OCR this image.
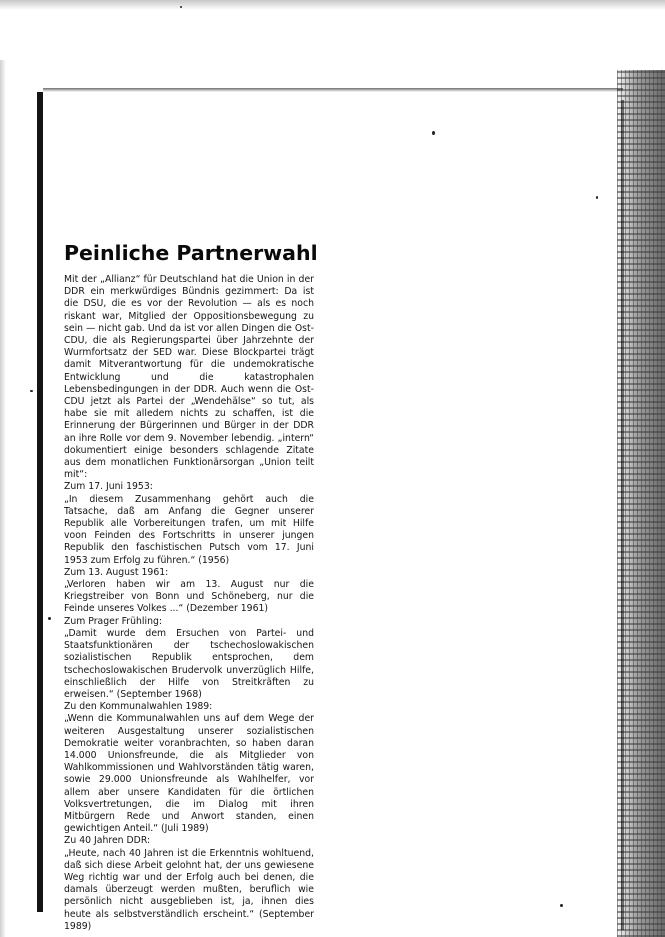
Peinliche Partnerwahl

Mit der „Allianz“ für Deutschland hat die Union in der DDR ein merkwürdiges Bündnis gezimmert: Da ist die DSU, die es vor der Revolution — als es noch riskant war, Mitglied der Oppositionsbewegung zu sein — nicht gab. Und da ist vor allen Dingen die Ost-CDU, die als Regierungspartei über Jahrzehnte der Wurmfortsatz der SED war. Diese Blockpartei trägt damit Mitverantwortung für die undemokratische Entwicklung und die katastrophalen Lebensbedingungen in der DDR. Auch wenn die Ost-CDU jetzt als Partei der „Wendehälse“ so tut, als habe sie mit alledem nichts zu schaffen, ist die Erinnerung der Bürgerinnen und Bürger in der DDR an ihre Rolle vor dem 9. November lebendig. „intern“ dokumentiert einige besonders schlagende Zitate aus dem monatlichen Funktionärsorgan „Union teilt mit“:

Zum 17. Juni 1953:

„In diesem Zusammenhang gehört auch die Tatsache, daß am Anfang die Gegner unserer Republik alle Vorbereitungen trafen, um mit Hilfe voon Feinden des Fortschritts in unserer jungen Republik den faschistischen Putsch vom 17. Juni 1953 zum Erfolg zu führen.“ (1956)

Zum 13. August 1961:

„Verloren haben wir am 13. August nur die Kriegstreiber von Bonn und Schöneberg, nur die Feinde unseres Volkes ...“ (Dezember 1961)

Zum Prager Frühling:

„Damit wurde dem Ersuchen von Partei- und Staatsfunktionären der tschechoslowakischen sozialistischen Republik entsprochen, dem tschechoslowakischen Brudervolk unverzüglich Hilfe, einschließlich der Hilfe von Streitkräften zu erweisen.“ (September 1968)

Zu den Kommunalwahlen 1989:

„Wenn die Kommunalwahlen uns auf dem Wege der weiteren Ausgestaltung unserer sozialistischen Demokratie weiter voranbrachten, so haben daran 14.000 Unionsfreunde, die als Mitglieder von Wahlkommissionen und Wahlvorständen tätig waren, sowie 29.000 Unionsfreunde als Wahlhelfer, vor allem aber unsere Kandidaten für die örtlichen Volksvertretungen, die im Dialog mit ihren Mitbürgern Rede und Anwort standen, einen gewichtigen Anteil.“ (Juli 1989)

Zu 40 Jahren DDR:

„Heute, nach 40 Jahren ist die Erkenntnis wohltuend, daß sich diese Arbeit gelohnt hat, der uns gewiesene Weg richtig war und der Erfolg auch bei denen, die damals überzeugt werden mußten, beruflich wie persönlich nicht ausgeblieben ist, ja, ihnen dies heute als selbstverständlich erscheint.“ (September 1989)
